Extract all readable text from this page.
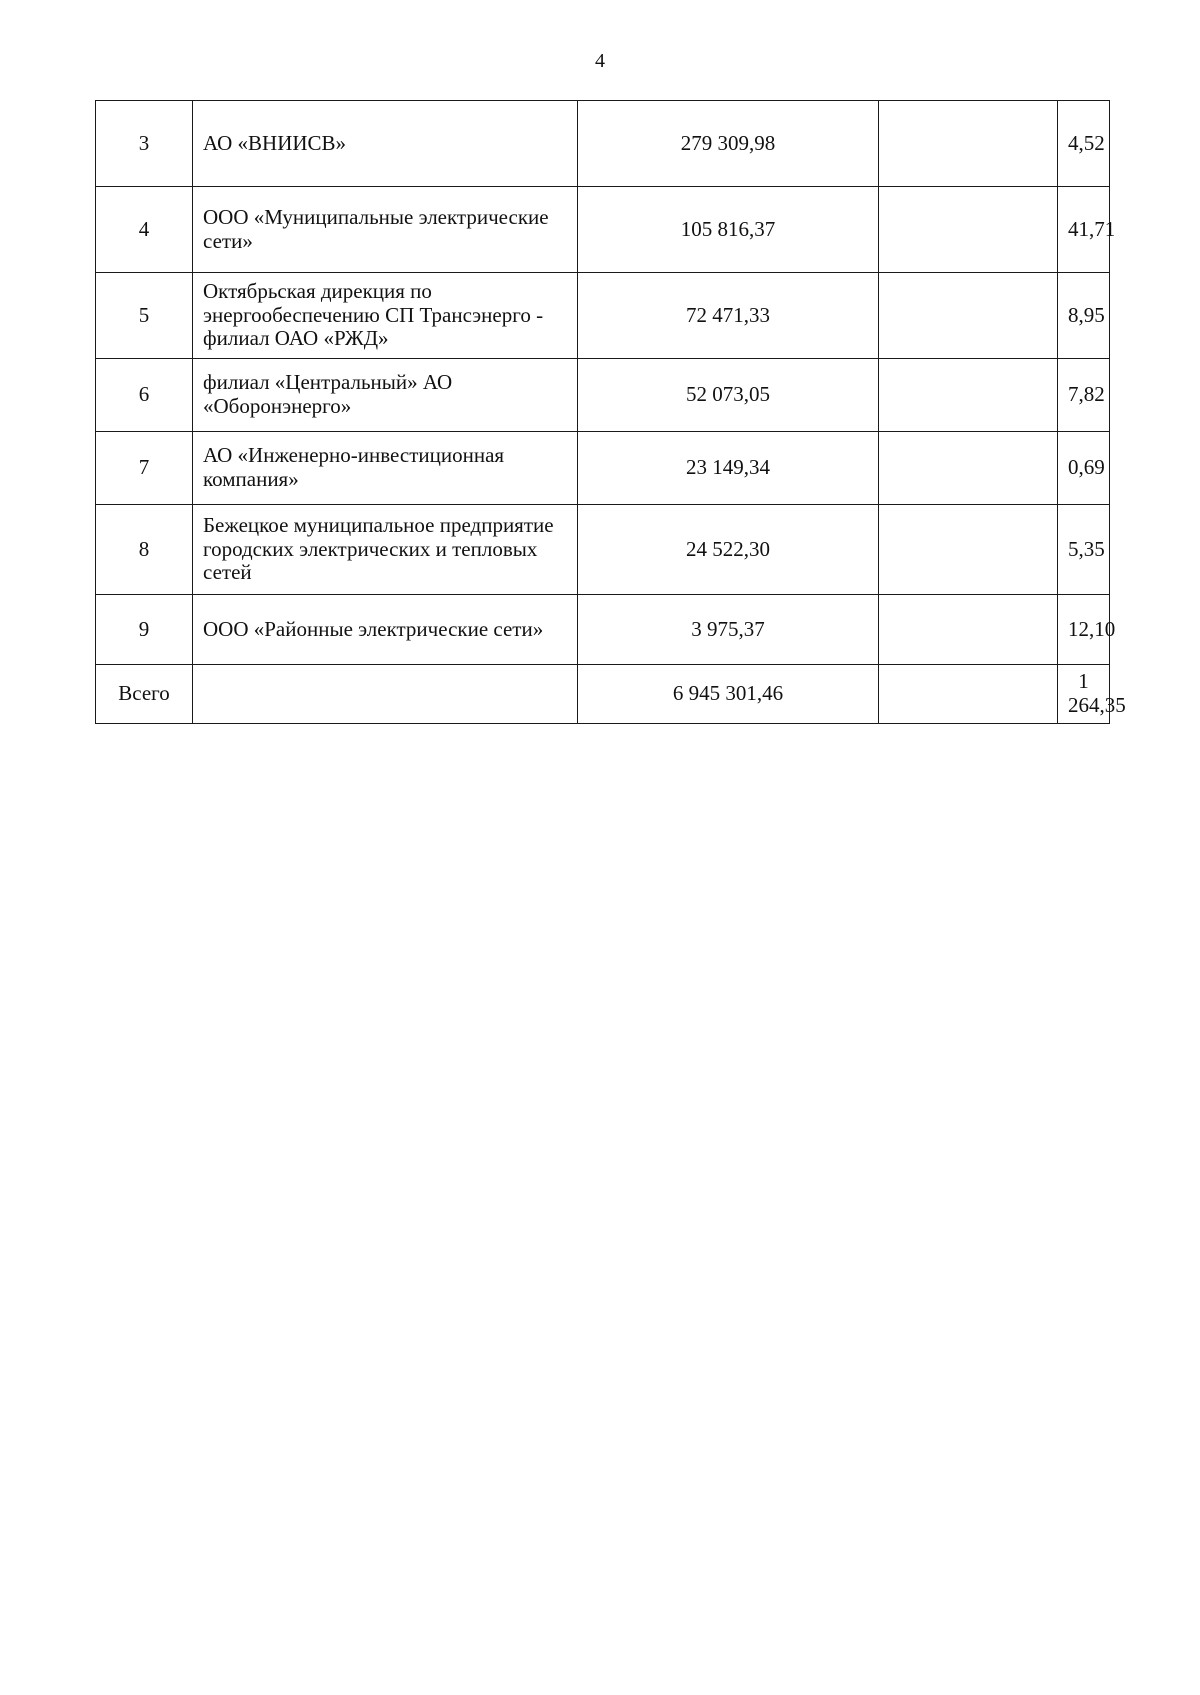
4
3	АО «ВНИИСВ»	279 309,98		4,52
4	ООО «Муниципальные электрические сети»	105 816,37		41,71
5	Октябрьская дирекция по энергообеспечению СП Трансэнерго - филиал ОАО «РЖД»	72 471,33		8,95
6	филиал «Центральный» АО «Оборонэнерго»	52 073,05		7,82
7	АО «Инженерно-инвестиционная компания»	23 149,34		0,69
8	Бежецкое муниципальное предприятие городских электрических и тепловых сетей	24 522,30		5,35
9	ООО «Районные электрические сети»	3 975,37		12,10
Всего		6 945 301,46		1 264,35
